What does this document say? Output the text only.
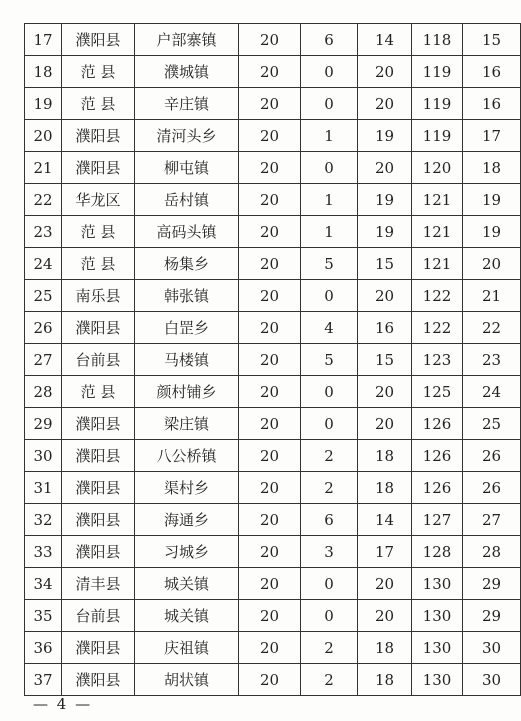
17	濮阳县	户部寨镇	20	6	14	118	15
18	范 县	濮城镇	20	0	20	119	16
19	范 县	辛庄镇	20	0	20	119	16
20	濮阳县	清河头乡	20	1	19	119	17
21	濮阳县	柳屯镇	20	0	20	120	18
22	华龙区	岳村镇	20	1	19	121	19
23	范 县	高码头镇	20	1	19	121	19
24	范 县	杨集乡	20	5	15	121	20
25	南乐县	韩张镇	20	0	20	122	21
26	濮阳县	白罡乡	20	4	16	122	22
27	台前县	马楼镇	20	5	15	123	23
28	范 县	颜村铺乡	20	0	20	125	24
29	濮阳县	梁庄镇	20	0	20	126	25
30	濮阳县	八公桥镇	20	2	18	126	26
31	濮阳县	渠村乡	20	2	18	126	26
32	濮阳县	海通乡	20	6	14	127	27
33	濮阳县	习城乡	20	3	17	128	28
34	清丰县	城关镇	20	0	20	130	29
35	台前县	城关镇	20	0	20	130	29
36	濮阳县	庆祖镇	20	2	18	130	30
37	濮阳县	胡状镇	20	2	18	130	30
— 4 —
